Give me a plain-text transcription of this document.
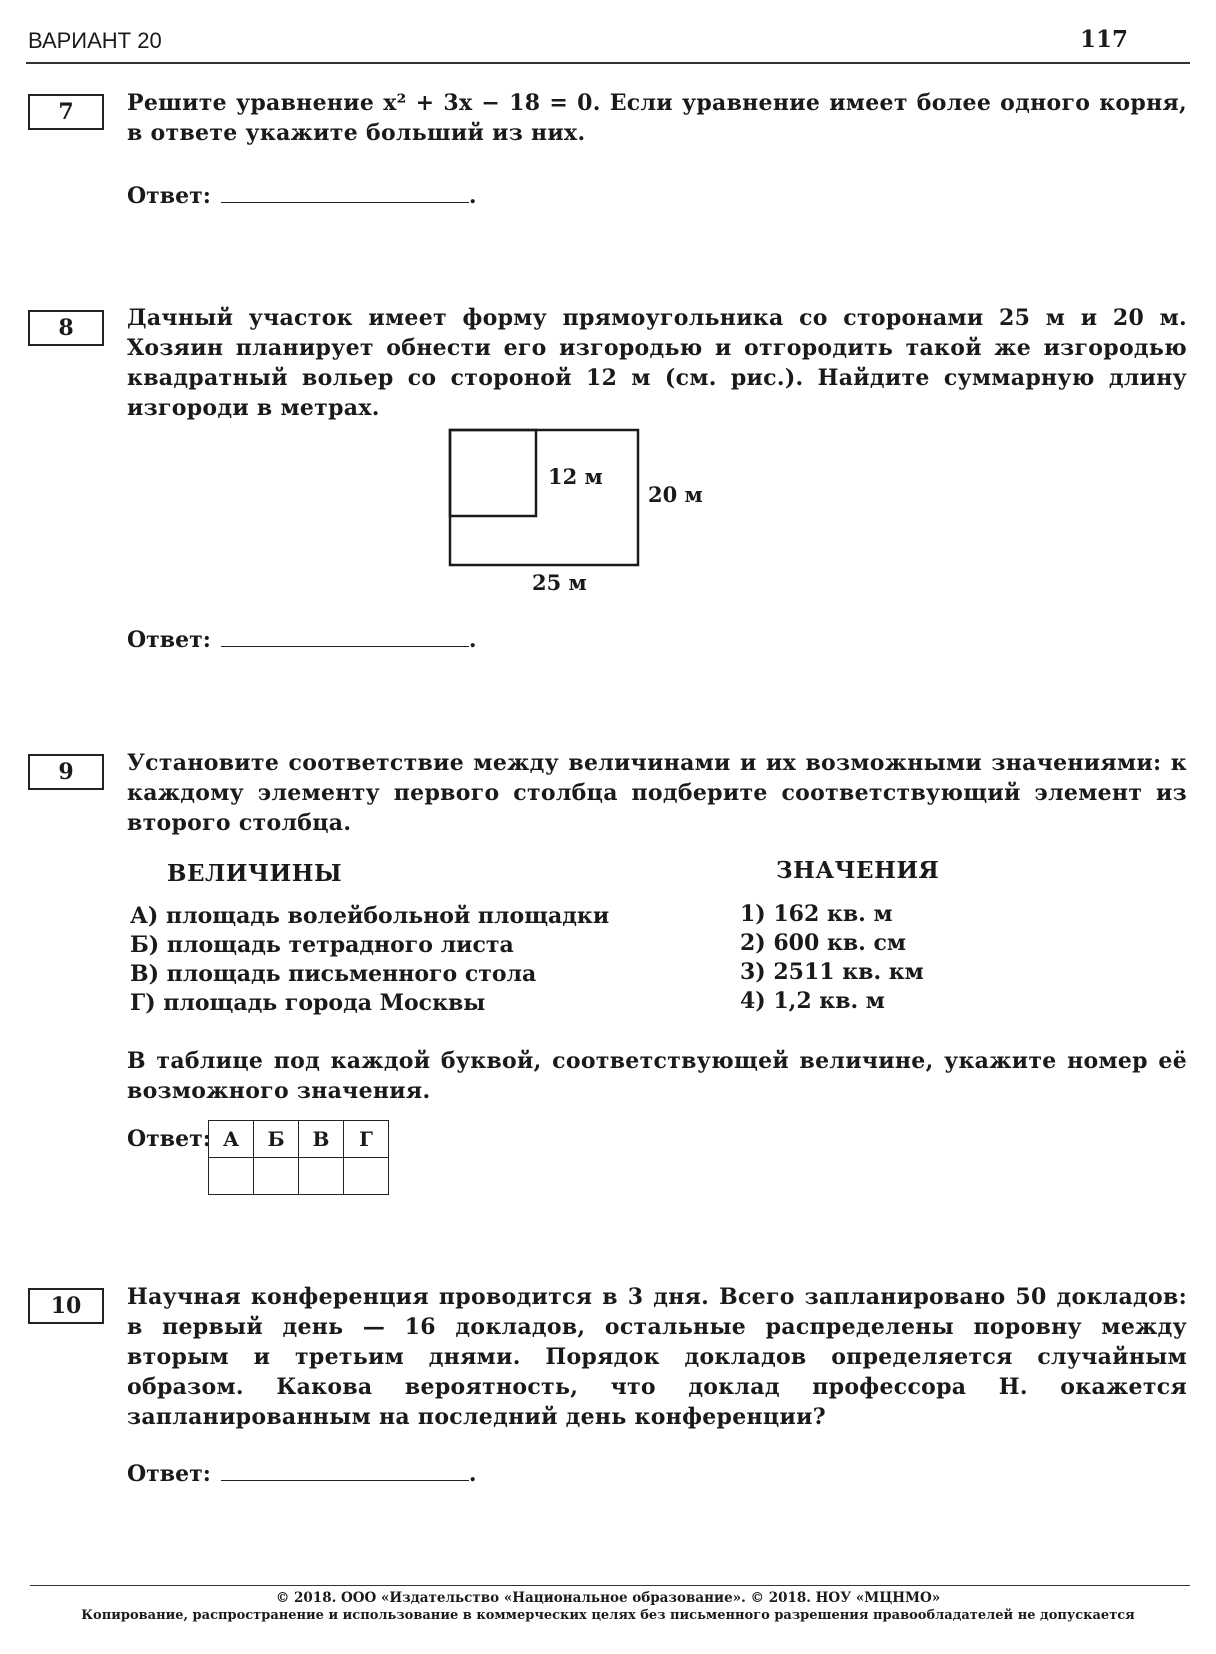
ВАРИАНТ 20	117
7	Решите уравнение x² + 3x − 18 = 0. Если уравнение имеет более одного корня, в ответе укажите больший из них.
Ответ:	.
8	Дачный участок имеет форму прямоугольника со сторонами 25 м и 20 м. Хозяин планирует обнести его изгородью и отгородить такой же изгородью квадратный вольер со стороной 12 м (см. рис.). Найдите суммарную длину изгороди в метрах.
12 м
20 м
25 м
Ответ:	.
9	Установите соответствие между величинами и их возможными значениями: к каждому элементу первого столбца подберите соответствующий элемент из второго столбца.
ВЕЛИЧИНЫ	ЗНАЧЕНИЯ
А) площадь волейбольной площадки
Б) площадь тетрадного листа
В) площадь письменного стола
Г) площадь города Москвы
1) 162 кв. м
2) 600 кв. см
3) 2511 кв. км
4) 1,2 кв. м
В таблице под каждой буквой, соответствующей величине, укажите номер её возможного значения.
Ответ: А	Б	В	Г

10	Научная конференция проводится в 3 дня. Всего запланировано 50 докладов: в первый день — 16 докладов, остальные распределены поровну между вторым и третьим днями. Порядок докладов определяется случайным образом. Какова вероятность, что доклад профессора Н. окажется запланированным на последний день конференции?
Ответ:	.
© 2018. ООО «Издательство «Национальное образование». © 2018. НОУ «МЦНМО»
Копирование, распространение и использование в коммерческих целях без письменного разрешения правообладателей не допускается
